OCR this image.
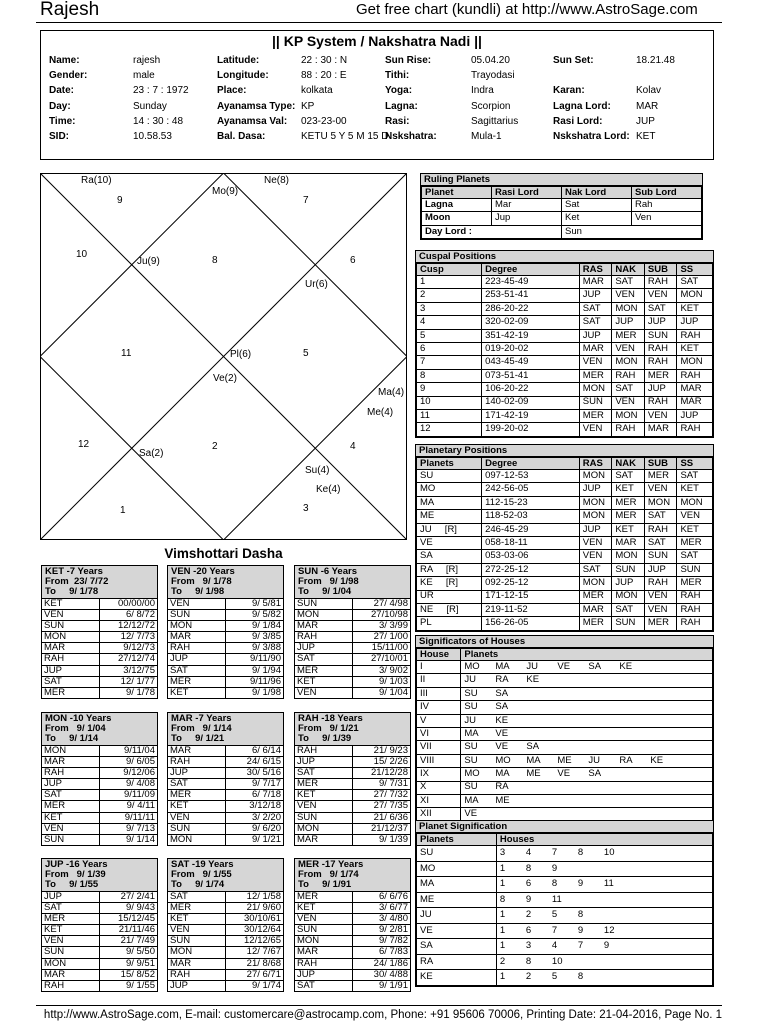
Rajesh	Get free chart (kundli) at http://www.AstroSage.com
|| KP System / Nakshatra Nadi ||
Name:	rajesh	Latitude:	22 : 30 : N	Sun Rise:	05.04.20	Sun Set:	18.21.48
Gender:	male	Longitude:	88 : 20 : E	Tithi:	Trayodasi
Date:	23 : 7 : 1972	Place:	kolkata	Yoga:	Indra	Karan:	Kolav
Day:	Sunday	Ayanamsa Type: KP	Lagna:	Scorpion	Lagna Lord:	MAR
Time:	14 : 30 : 48	Ayanamsa Val: 023-23-00	Rasi:	Sagittarius	Rasi Lord:	JUP
SID:	10.58.53	Bal. Dasa:	KETU 5 Y 5 M 15 D
Nskshatra:	Mula-1	Nskshatra Lord: KET
1
2
3
4
5
6
7
8
9
10
11
12
Ra(10)	Ne(8)
Mo(9)
Ju(9)
Ur(6)
Pl(6)
Ve(2)
Ma(4)
Me(4)
Sa(2)
Su(4)
Ke(4)
Vimshottari Dasha
KET -7 Years
From  23/ 7/72
To     9/ 1/78
KET	00/00/00
VEN	6/ 8/72
SUN	12/12/72
MON	12/ 7/73
MAR	9/12/73
RAH	27/12/74
JUP	3/12/75
SAT	12/ 1/77
MER	9/ 1/78
VEN -20 Years
From   9/ 1/78
To     9/ 1/98
VEN	9/ 5/81
SUN	9/ 5/82
MON	9/ 1/84
MAR	9/ 3/85
RAH	9/ 3/88
JUP	9/11/90
SAT	9/ 1/94
MER	9/11/96
KET	9/ 1/98
SUN -6 Years
From   9/ 1/98
To     9/ 1/04
SUN	27/ 4/98
MON	27/10/98
MAR	3/ 3/99
RAH	27/ 1/00
JUP	15/11/00
SAT	27/10/01
MER	3/ 9/02
KET	9/ 1/03
VEN	9/ 1/04
MON -10 Years
From   9/ 1/04
To     9/ 1/14
MON	9/11/04
MAR	9/ 6/05
RAH	9/12/06
JUP	9/ 4/08
SAT	9/11/09
MER	9/ 4/11
KET	9/11/11
VEN	9/ 7/13
SUN	9/ 1/14
MAR -7 Years
From   9/ 1/14
To     9/ 1/21
MAR	6/ 6/14
RAH	24/ 6/15
JUP	30/ 5/16
SAT	9/ 7/17
MER	6/ 7/18
KET	3/12/18
VEN	3/ 2/20
SUN	9/ 6/20
MON	9/ 1/21
RAH -18 Years
From   9/ 1/21
To     9/ 1/39
RAH	21/ 9/23
JUP	15/ 2/26
SAT	21/12/28
MER	9/ 7/31
KET	27/ 7/32
VEN	27/ 7/35
SUN	21/ 6/36
MON	21/12/37
MAR	9/ 1/39
JUP -16 Years
From   9/ 1/39
To     9/ 1/55
JUP	27/ 2/41
SAT	9/ 9/43
MER	15/12/45
KET	21/11/46
VEN	21/ 7/49
SUN	9/ 5/50
MON	9/ 9/51
MAR	15/ 8/52
RAH	9/ 1/55
SAT -19 Years
From   9/ 1/55
To     9/ 1/74
SAT	12/ 1/58
MER	21/ 9/60
KET	30/10/61
VEN	30/12/64
SUN	12/12/65
MON	12/ 7/67
MAR	21/ 8/68
RAH	27/ 6/71
JUP	9/ 1/74
MER -17 Years
From   9/ 1/74
To     9/ 1/91
MER	6/ 6/76
KET	3/ 6/77
VEN	3/ 4/80
SUN	9/ 2/81
MON	9/ 7/82
MAR	6/ 7/83
RAH	24/ 1/86
JUP	30/ 4/88
SAT	9/ 1/91
Ruling Planets
Planet	Rasi Lord	Nak Lord	Sub Lord
Lagna	Mar	Sat	Rah
Moon	Jup	Ket	Ven
Day Lord :		Sun	
Cuspal Positions
Cusp	Degree	RAS	NAK	SUB	SS
1	223-45-49	MAR	SAT	RAH	SAT
2	253-51-41	JUP	VEN	VEN	MON
3	286-20-22	SAT	MON	SAT	KET
4	320-02-09	SAT	JUP	JUP	JUP
5	351-42-19	JUP	MER	SUN	RAH
6	019-20-02	MAR	VEN	RAH	KET
7	043-45-49	VEN	MON	RAH	MON
8	073-51-41	MER	RAH	MER	RAH
9	106-20-22	MON	SAT	JUP	MAR
10	140-02-09	SUN	VEN	RAH	MAR
11	171-42-19	MER	MON	VEN	JUP
12	199-20-02	VEN	RAH	MAR	RAH
Planetary Positions
Planets	Degree	RAS	NAK	SUB	SS
SU	097-12-53	MON	SAT	MER	SAT
MO	242-56-05	JUP	KET	VEN	KET
MA	112-15-23	MON	MER	MON	MON
ME	118-52-03	MON	MER	SAT	VEN
JU     [R]	246-45-29	JUP	KET	RAH	KET
VE	058-18-11	VEN	MAR	SAT	MER
SA	053-03-06	VEN	MON	SUN	SAT
RA     [R]	272-25-12	SAT	SUN	JUP	SUN
KE     [R]	092-25-12	MON	JUP	RAH	MER
UR	171-12-15	MER	MON	VEN	RAH
NE     [R]	219-11-52	MAR	SAT	VEN	RAH
PL	156-26-05	MER	SUN	MER	RAH
Significators of Houses
House	Planets
I	MO MA JU VE SA KE
II	JU RA KE
III	SU SA
IV	SU SA
V	JU KE
VI	MA VE
VII	SU VE SA
VIII	SU MO MA ME JU RA KE
IX	MO MA ME VE SA
X	SU RA
XI	MA ME
XII	VE
Planet Signification
Planets	Houses
SU	3 4 7 8 10
MO	1 8 9
MA	1 6 8 9 11
ME	8 9 11
JU	1 2 5 8
VE	1 6 7 9 12
SA	1 3 4 7 9
RA	2 8 10
KE	1 2 5 8
http://www.AstroSage.com, E-mail: customercare@astrocamp.com, Phone: +91 95606 70006, Printing Date: 21-04-2016, Page No. 1
